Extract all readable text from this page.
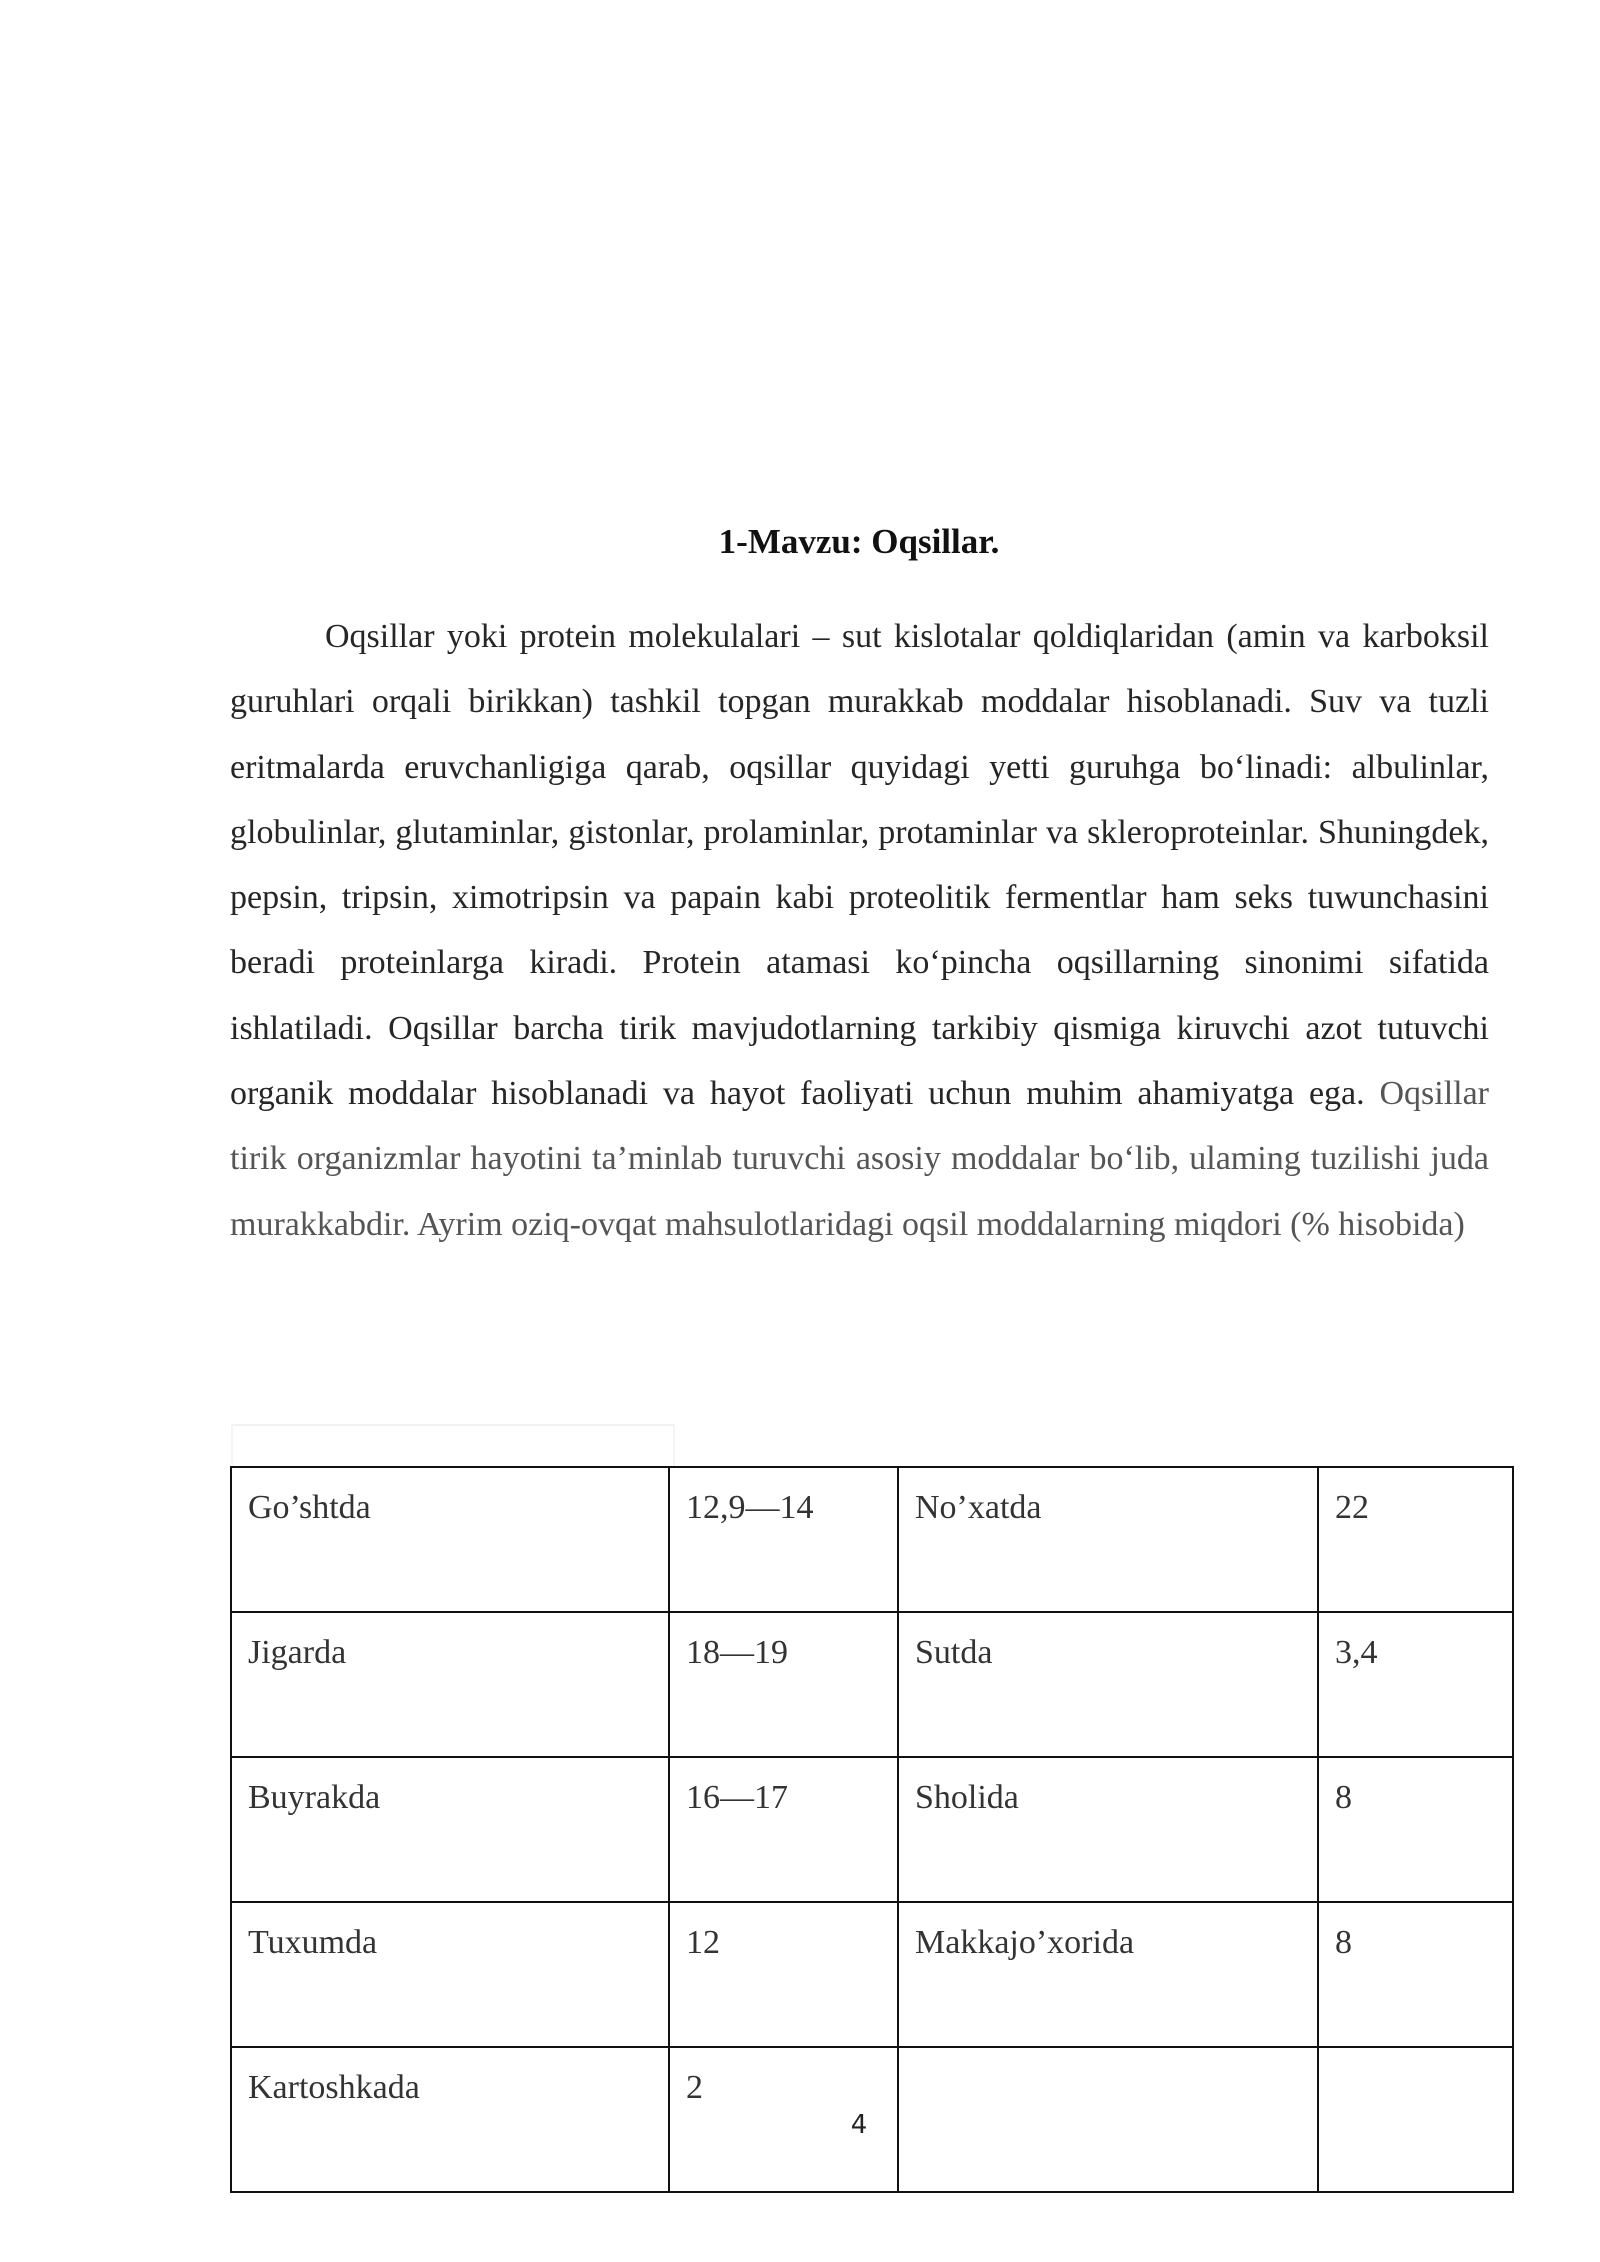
1-Mavzu: Oqsillar.

Oqsillar yoki protein molekulalari – sut kislotalar qoldiqlaridan (amin va karboksil guruhlari orqali birikkan) tashkil topgan murakkab moddalar hisoblanadi. Suv va tuzli eritmalarda eruvchanligiga qarab, oqsillar quyidagi yetti guruhga bo‘linadi: albulinlar, globulinlar, glutaminlar, gistonlar, prolaminlar, protaminlar va skleroproteinlar. Shuningdek, pepsin, tripsin, ximotripsin va papain kabi proteolitik fermentlar ham seks tuwunchasini beradi proteinlarga kiradi. Protein atamasi ko‘pincha oqsillarning sinonimi sifatida ishlatiladi. Oqsillar barcha tirik mavjudotlarning tarkibiy qismiga kiruvchi azot tutuvchi organik moddalar hisoblanadi va hayot faoliyati uchun muhim ahamiyatga ega. Oqsillar tirik organizmlar hayotini ta’minlab turuvchi asosiy moddalar bo‘lib, ulaming tuzilishi juda murakkabdir. Ayrim oziq-ovqat mahsulotlaridagi oqsil moddalarning miqdori (% hisobida)

Go’shtda	12,9—14	No’xatda	22
Jigarda	18—19	Sutda	3,4
Buyrakda	16—17	Sholida	8
Tuxumda	12	Makkajo’xorida	8
Kartoshkada	2		
4
